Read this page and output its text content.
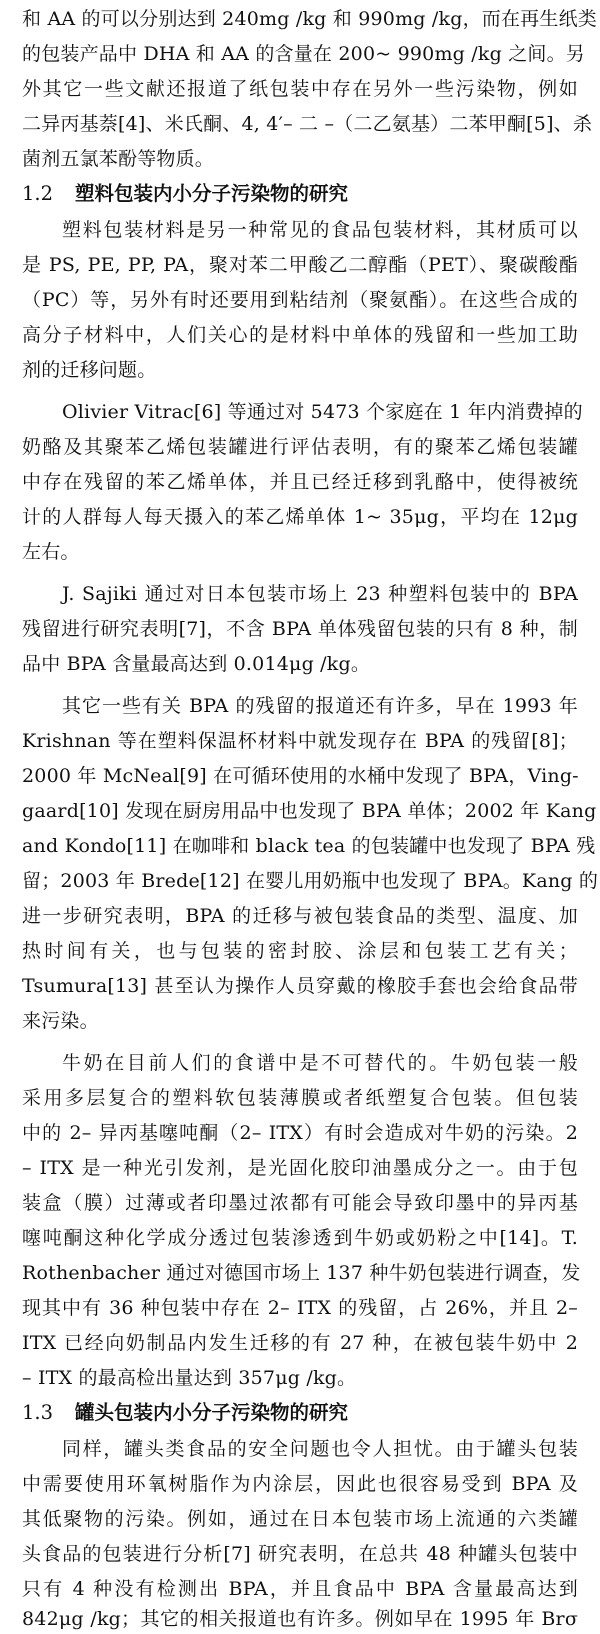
和 AA 的可以分别达到 240mg /kg 和 990mg /kg，而在再生纸类
的包装产品中 DHA 和 AA 的含量在 200~ 990mg /kg 之间。另
外其它一些文献还报道了纸包装中存在另外一些污染物，例如
二异丙基萘[4]、米氏酮、4, 4′– 二 –（二乙氨基）二苯甲酮[5]、杀
菌剂五氯苯酚等物质。
1.2 塑料包装内小分子污染物的研究
塑料包装材料是另一种常见的食品包装材料，其材质可以
是 PS, PE, PP, PA，聚对苯二甲酸乙二醇酯（PET）、聚碳酸酯
（PC）等，另外有时还要用到粘结剂（聚氨酯）。在这些合成的
高分子材料中，人们关心的是材料中单体的残留和一些加工助
剂的迁移问题。
Olivier Vitrac[6] 等通过对 5473 个家庭在 1 年内消费掉的
奶酪及其聚苯乙烯包装罐进行评估表明，有的聚苯乙烯包装罐
中存在残留的苯乙烯单体，并且已经迁移到乳酪中，使得被统
计的人群每人每天摄入的苯乙烯单体 1~ 35μg，平均在 12μg
左右。
J. Sajiki 通过对日本包装市场上 23 种塑料包装中的 BPA
残留进行研究表明[7]，不含 BPA 单体残留包装的只有 8 种，制
品中 BPA 含量最高达到 0.014μg /kg。
其它一些有关 BPA 的残留的报道还有许多，早在 1993 年
Krishnan 等在塑料保温杯材料中就发现存在 BPA 的残留[8]；
2000 年 McNeal[9] 在可循环使用的水桶中发现了 BPA，Ving-
gaard[10] 发现在厨房用品中也发现了 BPA 单体；2002 年 Kang
and Kondo[11] 在咖啡和 black tea 的包装罐中也发现了 BPA 残
留；2003 年 Brede[12] 在婴儿用奶瓶中也发现了 BPA。Kang 的
进一步研究表明，BPA 的迁移与被包装食品的类型、温度、加
热时间有关，也与包装的密封胶、涂层和包装工艺有关；
Tsumura[13] 甚至认为操作人员穿戴的橡胶手套也会给食品带
来污染。
牛奶在目前人们的食谱中是不可替代的。牛奶包装一般
采用多层复合的塑料软包装薄膜或者纸塑复合包装。但包装
中的 2– 异丙基噻吨酮（2– ITX）有时会造成对牛奶的污染。2
– ITX 是一种光引发剂，是光固化胶印油墨成分之一。由于包
装盒（膜）过薄或者印墨过浓都有可能会导致印墨中的异丙基
噻吨酮这种化学成分透过包装渗透到牛奶或奶粉之中[14]。T.
Rothenbacher 通过对德国市场上 137 种牛奶包装进行调查，发
现其中有 36 种包装中存在 2– ITX 的残留，占 26%，并且 2–
ITX 已经向奶制品内发生迁移的有 27 种，在被包装牛奶中 2
– ITX 的最高检出量达到 357μg /kg。
1.3 罐头包装内小分子污染物的研究
同样，罐头类食品的安全问题也令人担忧。由于罐头包装
中需要使用环氧树脂作为内涂层，因此也很容易受到 BPA 及
其低聚物的污染。例如，通过在日本包装市场上流通的六类罐
头食品的包装进行分析[7] 研究表明，在总共 48 种罐头包装中
只有 4 种没有检测出 BPA，并且食品中 BPA 含量最高达到
842μg /kg；其它的相关报道也有许多。例如早在 1995 年 Brσ
